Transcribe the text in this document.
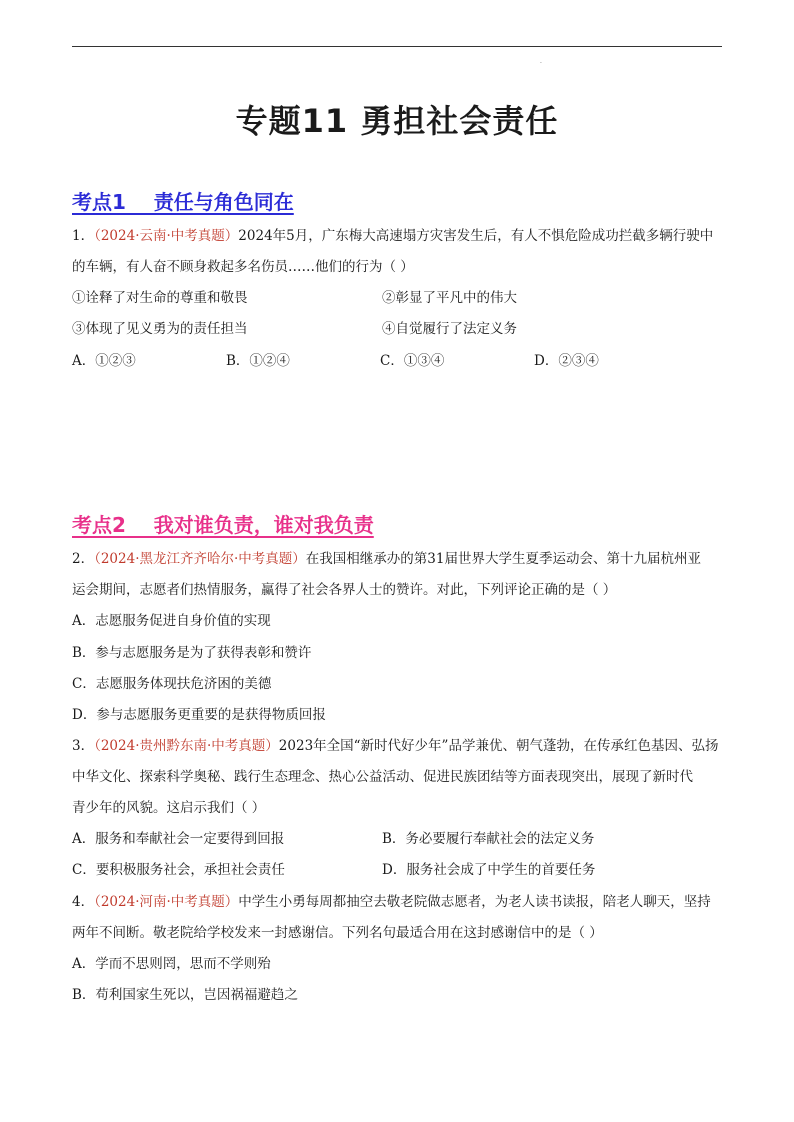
.
专题11 勇担社会责任
考点1    责任与角色同在
1．（2024·云南·中考真题）2024年5月，广东梅大高速塌方灾害发生后，有人不惧危险成功拦截多辆行驶中
的车辆，有人奋不顾身救起多名伤员……他们的行为（ ）
①诠释了对生命的尊重和敬畏	②彰显了平凡中的伟大
③体现了见义勇为的责任担当	④自觉履行了法定义务
A．①②③	B．①②④	C．①③④	D．②③④
考点2    我对谁负责，谁对我负责
2．（2024·黑龙江齐齐哈尔·中考真题）在我国相继承办的第31届世界大学生夏季运动会、第十九届杭州亚
运会期间，志愿者们热情服务，赢得了社会各界人士的赞许。对此，下列评论正确的是（ ）
A．志愿服务促进自身价值的实现
B．参与志愿服务是为了获得表彰和赞许
C．志愿服务体现扶危济困的美德
D．参与志愿服务更重要的是获得物质回报
3．（2024·贵州黔东南·中考真题）2023年全国“新时代好少年”品学兼优、朝气蓬勃，在传承红色基因、弘扬
中华文化、探索科学奥秘、践行生态理念、热心公益活动、促进民族团结等方面表现突出，展现了新时代
青少年的风貌。这启示我们（ ）
A．服务和奉献社会一定要得到回报	B．务必要履行奉献社会的法定义务
C．要积极服务社会，承担社会责任	D．服务社会成了中学生的首要任务
4．（2024·河南·中考真题）中学生小勇每周都抽空去敬老院做志愿者，为老人读书读报，陪老人聊天，坚持
两年不间断。敬老院给学校发来一封感谢信。下列名句最适合用在这封感谢信中的是（ ）
A．学而不思则罔，思而不学则殆
B．苟利国家生死以，岂因祸福避趋之
